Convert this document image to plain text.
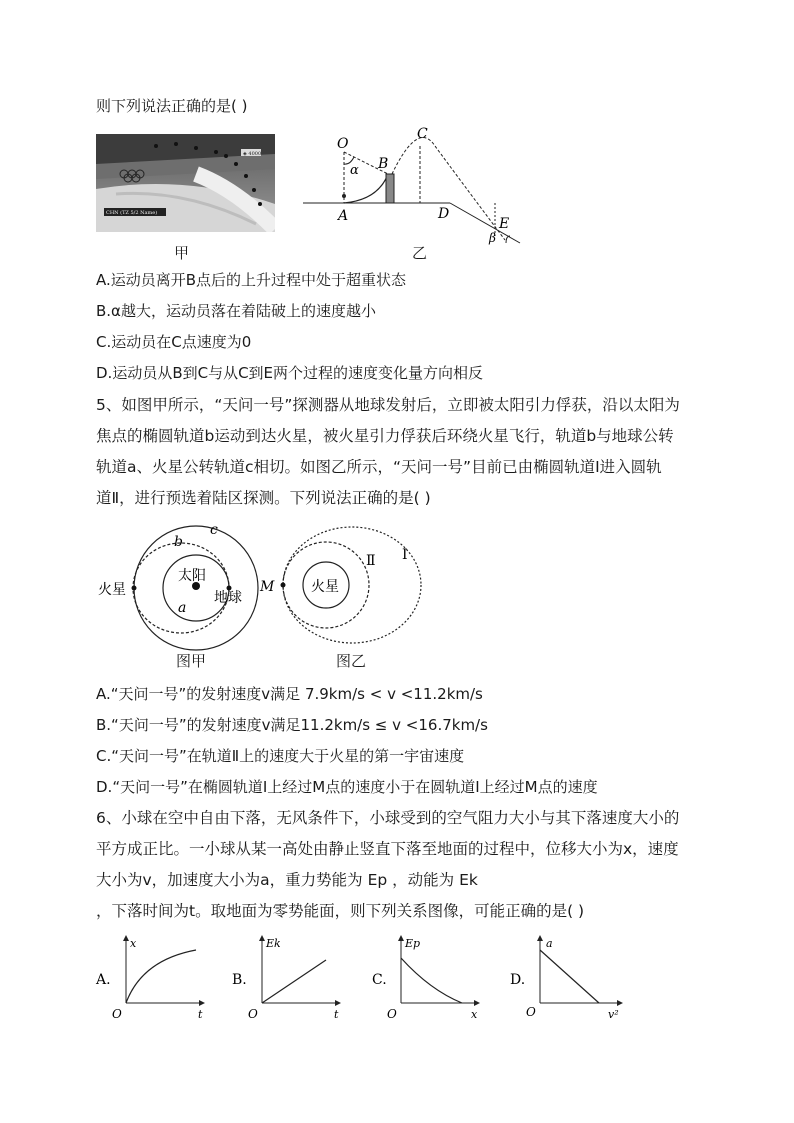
则下列说法正确的是( )
◈ 4000
CHN (TZ 5/2 Name)
甲
O
C
B
α
A	D
E
β
乙
A.运动员离开B点后的上升过程中处于超重状态
B.α越大，运动员落在着陆破上的速度越小
C.运动员在C点速度为0
D.运动员从B到C与从C到E两个过程的速度变化量方向相反
5、如图甲所示，“天问一号”探测器从地球发射后，立即被太阳引力俘获，沿以太阳为
焦点的椭圆轨道b运动到达火星，被火星引力俘获后环绕火星飞行，轨道b与地球公转
轨道a、火星公转轨道c相切。如图乙所示，“天问一号”目前已由椭圆轨道Ⅰ进入圆轨
道Ⅱ，进行预选着陆区探测。下列说法正确的是( )
c
b
太阳
火星	地球
a
图甲
M	火星
Ⅱ Ⅰ
图乙
A.“天问一号”的发射速度v满足 7.9km/s < v <11.2km/s
B.“天问一号”的发射速度v满足11.2km/s ≤ v <16.7km/s
C.“天问一号”在轨道Ⅱ上的速度大于火星的第一宇宙速度
D.“天问一号”在椭圆轨道Ⅰ上经过M点的速度小于在圆轨道Ⅰ上经过M点的速度
6、小球在空中自由下落，无风条件下，小球受到的空气阻力大小与其下落速度大小的
平方成正比。一小球从某一高处由静止竖直下落至地面的过程中，位移大小为x，速度
大小为v，加速度大小为a，重力势能为 Ep ，动能为 Ek
，下落时间为t。取地面为零势能面，则下列关系图像，可能正确的是( )
A.
x
t
O
B.
Ek
t
O
C.
Ep
x
O
D.
a
v²
O
